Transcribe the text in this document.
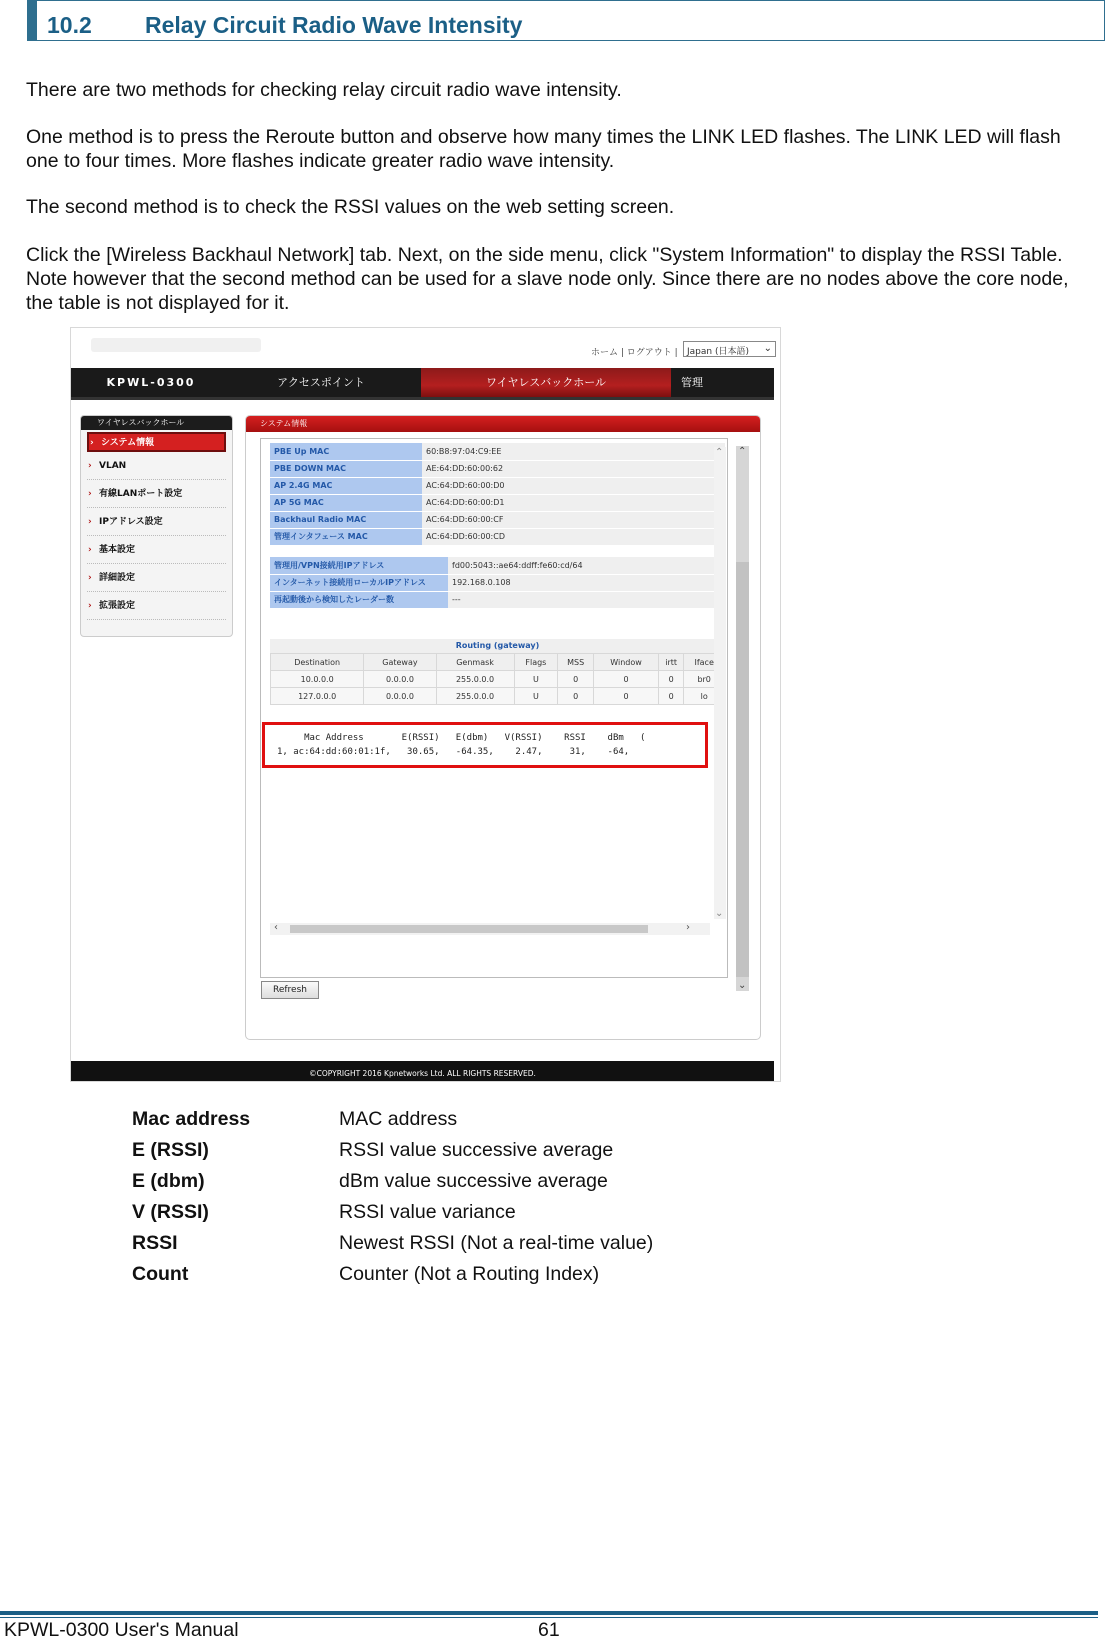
10.2 Relay Circuit Radio Wave Intensity

There are two methods for checking relay circuit radio wave intensity.

One method is to press the Reroute button and observe how many times the LINK LED flashes. The LINK LED will flash one to four times. More flashes indicate greater radio wave intensity.

The second method is to check the RSSI values on the web setting screen.

Click the [Wireless Backhaul Network] tab. Next, on the side menu, click "System Information" to display the RSSI Table. Note however that the second method can be used for a slave node only. Since there are no nodes above the core node, the table is not displayed for it.

ホーム | ログアウト |	Japan (日本語) ⌄
KPWL-0300	アクセスポイント	ワイヤレスバックホール	管理
ワイヤレスバックホール
› システム情報
› VLAN
› 有線LANポート設定
› IPアドレス設定
› 基本設定
› 詳細設定
› 拡張設定
システム情報
PBE Up MAC	60:B8:97:04:C9:EE
PBE DOWN MAC	AE:64:DD:60:00:62
AP 2.4G MAC	AC:64:DD:60:00:D0
AP 5G MAC	AC:64:DD:60:00:D1
Backhaul Radio MAC	AC:64:DD:60:00:CF
管理インタフェース MAC	AC:64:DD:60:00:CD
管理用/VPN接続用IPアドレス	fd00:5043::ae64:ddff:fe60:cd/64
インターネット接続用ローカルIPアドレス	192.168.0.108
再起動後から検知したレーダー数	---
Routing (gateway)
Destination	Gateway	Genmask	Flags	MSS	Window	irtt	Iface
10.0.0.0	0.0.0.0	255.0.0.0	U	0	0	0	br0
127.0.0.0	0.0.0.0	255.0.0.0	U	0	0	0	lo
Mac Address       E(RSSI)   E(dbm)   V(RSSI)    RSSI    dBm   (
1, ac:64:dd:60:01:1f,   30.65,   -64.35,    2.47,     31,    -64,
⌃
⌄
‹	›
⌃
⌄
Refresh
©COPYRIGHT 2016 Kpnetworks Ltd. ALL RIGHTS RESERVED.
Mac address	MAC address
E (RSSI)	RSSI value successive average
E (dbm)	dBm value successive average
V (RSSI)	RSSI value variance
RSSI	Newest RSSI (Not a real-time value)
Count	Counter (Not a Routing Index)
KPWL-0300 User's Manual	61
